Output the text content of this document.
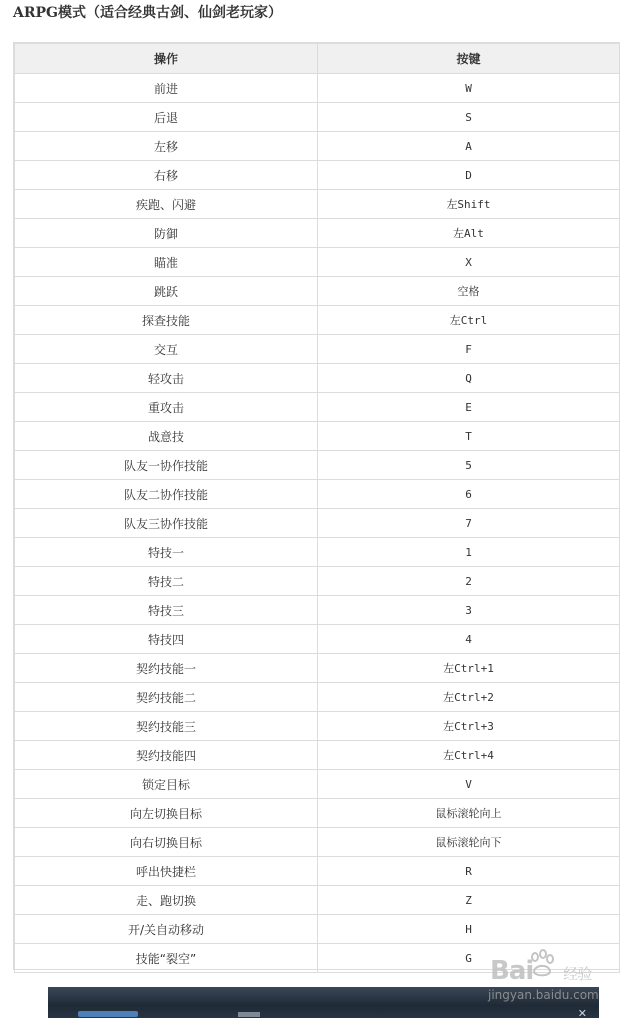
ARPG模式（适合经典古剑、仙剑老玩家）
操作	按键
前进	W
后退	S
左移	A
右移	D
疾跑、闪避	左Shift
防御	左Alt
瞄准	X
跳跃	空格
探查技能	左Ctrl
交互	F
轻攻击	Q
重攻击	E
战意技	T
队友一协作技能	5
队友二协作技能	6
队友三协作技能	7
特技一	1
特技二	2
特技三	3
特技四	4
契约技能一	左Ctrl+1
契约技能二	左Ctrl+2
契约技能三	左Ctrl+3
契约技能四	左Ctrl+4
锁定目标	V
向左切换目标	鼠标滚轮向上
向右切换目标	鼠标滚轮向下
呼出快捷栏	R
走、跑切换	Z
开/关自动移动	H
技能“裂空”	G
✕
Bai 经验
jingyan.baidu.com
